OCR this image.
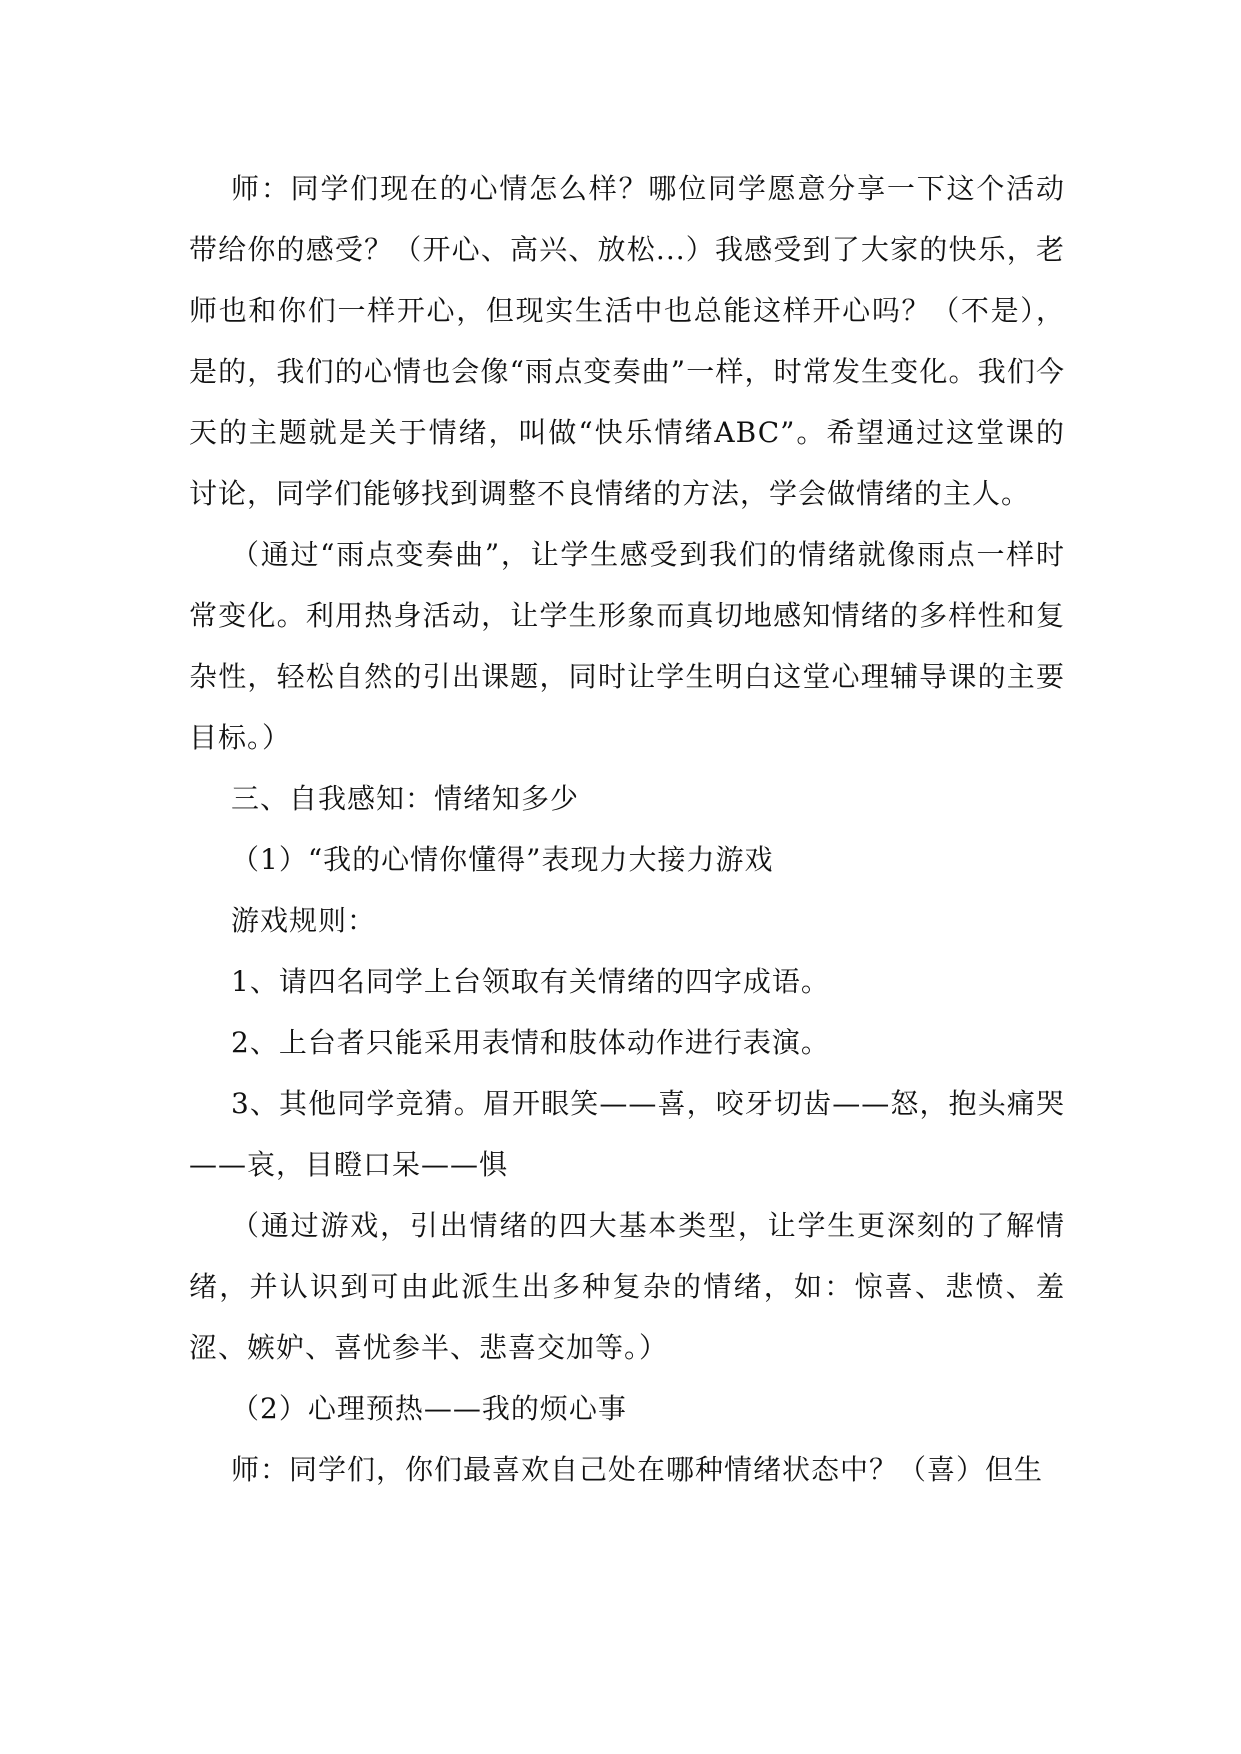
师：同学们现在的心情怎么样？哪位同学愿意分享一下这个活动带给你的感受？（开心、高兴、放松...）我感受到了大家的快乐，老师也和你们一样开心，但现实生活中也总能这样开心吗？（不是），是的，我们的心情也会像“雨点变奏曲”一样，时常发生变化。我们今天的主题就是关于情绪，叫做“快乐情绪ABC”。希望通过这堂课的讨论，同学们能够找到调整不良情绪的方法，学会做情绪的主人。

（通过“雨点变奏曲”，让学生感受到我们的情绪就像雨点一样时常变化。利用热身活动，让学生形象而真切地感知情绪的多样性和复杂性，轻松自然的引出课题，同时让学生明白这堂心理辅导课的主要目标。）

三、自我感知：情绪知多少

（1）“我的心情你懂得”表现力大接力游戏

游戏规则：

1、请四名同学上台领取有关情绪的四字成语。

2、上台者只能采用表情和肢体动作进行表演。

3、其他同学竞猜。眉开眼笑——喜，咬牙切齿——怒，抱头痛哭——哀，目瞪口呆——惧

（通过游戏，引出情绪的四大基本类型，让学生更深刻的了解情绪，并认识到可由此派生出多种复杂的情绪，如：惊喜、悲愤、羞涩、嫉妒、喜忧参半、悲喜交加等。）

（2）心理预热——我的烦心事

师：同学们，你们最喜欢自己处在哪种情绪状态中？（喜）但生
